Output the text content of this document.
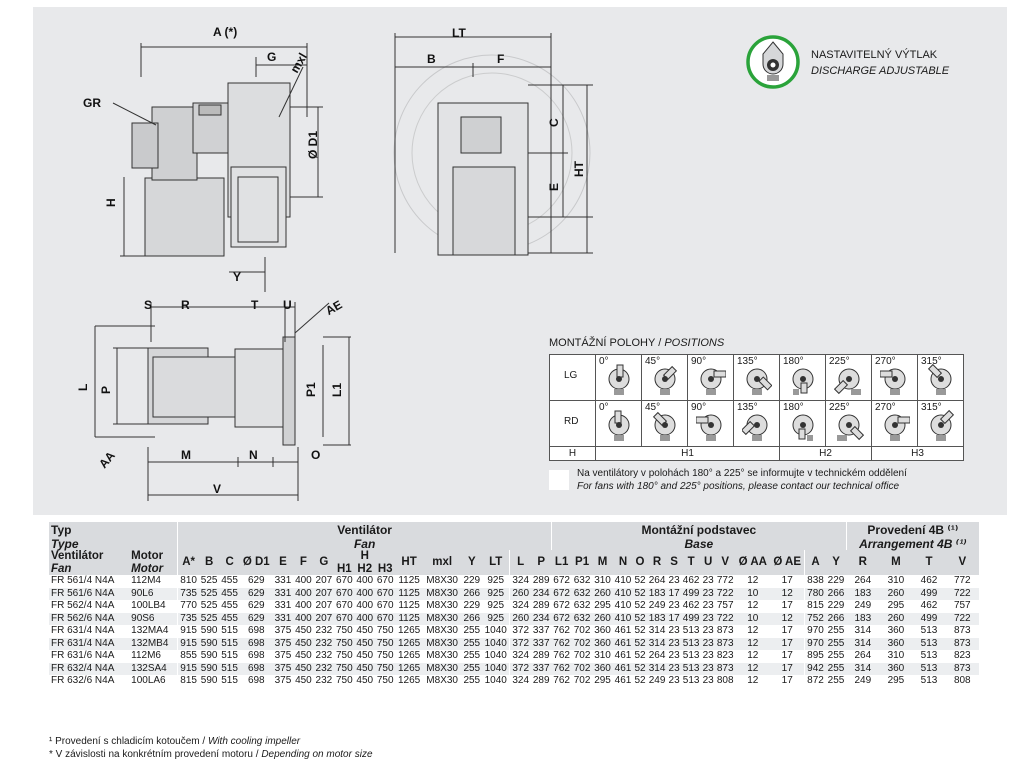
A (*)
G mxl
Ø D1
GR
H
Y
LT
B	F
C
E
HT
S R	T U	AE
L P	P1 L1
AA	M	N	O
V
NASTAVITELNÝ VÝTLAK
DISCHARGE ADJUSTABLE
MONTÁŽNÍ POLOHY / POSITIONS
LG	0°	45°	90°	135°	180°	225°	270°	315°

RD	0°	45°	90°	135°	180°	225°	270°	315°

H	H1				H2		H3	
Na ventilátory v polohách 180° a 225° se informujte v technickém oddělení
For fans with 180° and 225° positions, please contact our technical office
Typ		Ventilátor																Montážní podstavec														Provedení 4B ⁽¹⁾			
Type		Fan																Base														Arrangement 4B ⁽¹⁾			
Ventilátor	Motor	A*	B	C	Ø D1	E	F	G	H			HT	mxl	Y	LT	L	P	L1	P1	M	N	O	R	S	T	U	V	Ø AA	Ø AE	A	Y	R	M	T	V
Fan	Motor								H1	H2	H3																								
FR 561/4 N4A	112M4	810	525	455	629	331	400	207	670	400	670	1125	M8X30	229	925	324	289	672	632	310	410	52	264	23	462	23	772	12	17	838	229	264	310	462	772
FR 561/6 N4A	90L6	735	525	455	629	331	400	207	670	400	670	1125	M8X30	266	925	260	234	672	632	260	410	52	183	17	499	23	722	10	12	780	266	183	260	499	722
FR 562/4 N4A	100LB4	770	525	455	629	331	400	207	670	400	670	1125	M8X30	229	925	324	289	672	632	295	410	52	249	23	462	23	757	12	17	815	229	249	295	462	757
FR 562/6 N4A	90S6	735	525	455	629	331	400	207	670	400	670	1125	M8X30	266	925	260	234	672	632	260	410	52	183	17	499	23	722	10	12	752	266	183	260	499	722
FR 631/4 N4A	132MA4	915	590	515	698	375	450	232	750	450	750	1265	M8X30	255	1040	372	337	762	702	360	461	52	314	23	513	23	873	12	17	970	255	314	360	513	873
FR 631/4 N4A	132MB4	915	590	515	698	375	450	232	750	450	750	1265	M8X30	255	1040	372	337	762	702	360	461	52	314	23	513	23	873	12	17	970	255	314	360	513	873
FR 631/6 N4A	112M6	855	590	515	698	375	450	232	750	450	750	1265	M8X30	255	1040	324	289	762	702	310	461	52	264	23	513	23	823	12	17	895	255	264	310	513	823
FR 632/4 N4A	132SA4	915	590	515	698	375	450	232	750	450	750	1265	M8X30	255	1040	372	337	762	702	360	461	52	314	23	513	23	873	12	17	942	255	314	360	513	873
FR 632/6 N4A	100LA6	815	590	515	698	375	450	232	750	450	750	1265	M8X30	255	1040	324	289	762	702	295	461	52	249	23	513	23	808	12	17	872	255	249	295	513	808
¹ Provedení s chladicím kotoučem / With cooling impeller
* V závislosti na konkrétním provedení motoru / Depending on motor size
